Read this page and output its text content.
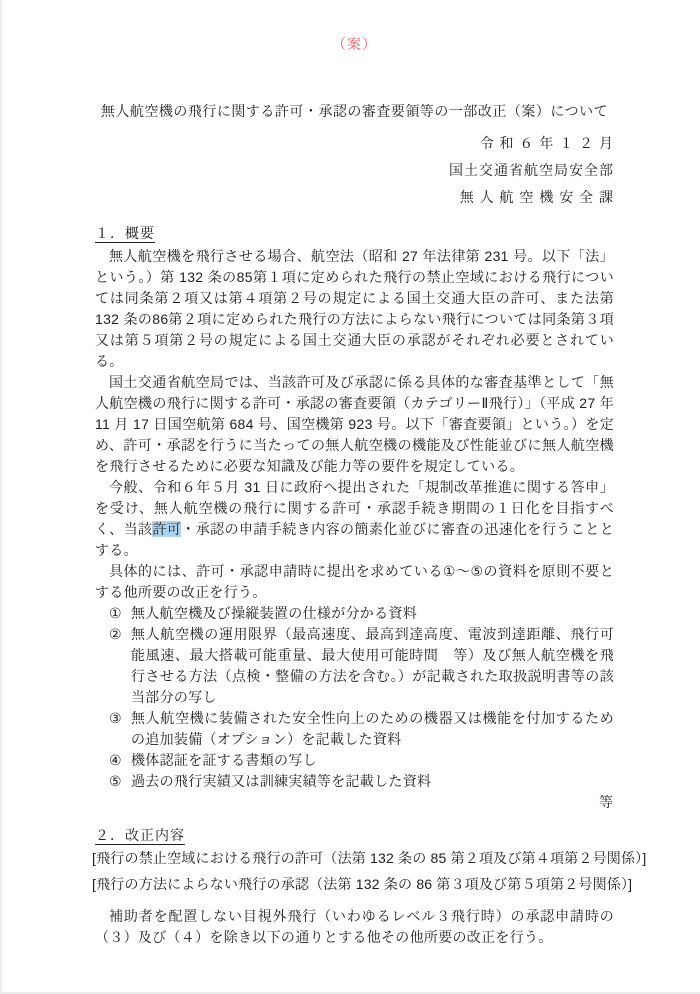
（案）
無人航空機の飛行に関する許可・承認の審査要領等の一部改正（案）について
令 和 ６ 年 １ ２ 月
国土交通省航空局安全部
無 人 航 空 機 安 全 課
１．概要

無人航空機を飛行させる場合、航空法（昭和 27 年法律第 231 号。以下「法」 という。）第 132 条の85第１項に定められた飛行の禁止空域における飛行については同条第２項又は第４項第２号の規定による国土交通大臣の許可、また法第 132 条の86第２項に定められた飛行の方法によらない飛行については同条第３項又は第５項第２号の規定による国土交通大臣の承認がそれぞれ必要とされている。

国土交通省航空局では、当該許可及び承認に係る具体的な審査基準として「無人航空機の飛行に関する許可・承認の審査要領（カテゴリーⅡ飛行）」（平成 27 年 11 月 17 日国空航第 684 号、国空機第 923 号。以下「審査要領」という。）を定め、許可・承認を行うに当たっての無人航空機の機能及び性能並びに無人航空機を飛行させるために必要な知識及び能力等の要件を規定している。

今般、令和６年５月 31 日に政府へ提出された「規制改革推進に関する答申」を受け、無人航空機の飛行に関する許可・承認手続き期間の１日化を目指すべく、当該許可・承認の申請手続き内容の簡素化並びに審査の迅速化を行うこととする。

具体的には、許可・承認申請時に提出を求めている①～⑤の資料を原則不要とする他所要の改正を行う。

① 無人航空機及び操縦装置の仕様が分かる資料
② 無人航空機の運用限界（最高速度、最高到達高度、電波到達距離、飛行可能風速、最大搭載可能重量、最大使用可能時間　等）及び無人航空機を飛行させる方法（点検・整備の方法を含む。）が記載された取扱説明書等の該当部分の写し
③ 無人航空機に装備された安全性向上のための機器又は機能を付加するための追加装備（オプション）を記載した資料
④ 機体認証を証する書類の写し
⑤ 過去の飛行実績又は訓練実績等を記載した資料
等
２．改正内容
[飛行の禁止空域における飛行の許可（法第 132 条の 85 第２項及び第４項第２号関係）]
[飛行の方法によらない飛行の承認（法第 132 条の 86 第３項及び第５項第２号関係）]

補助者を配置しない目視外飛行（いわゆるレベル３飛行時）の承認申請時の（３）及び（４）を除き以下の通りとする他その他所要の改正を行う。
